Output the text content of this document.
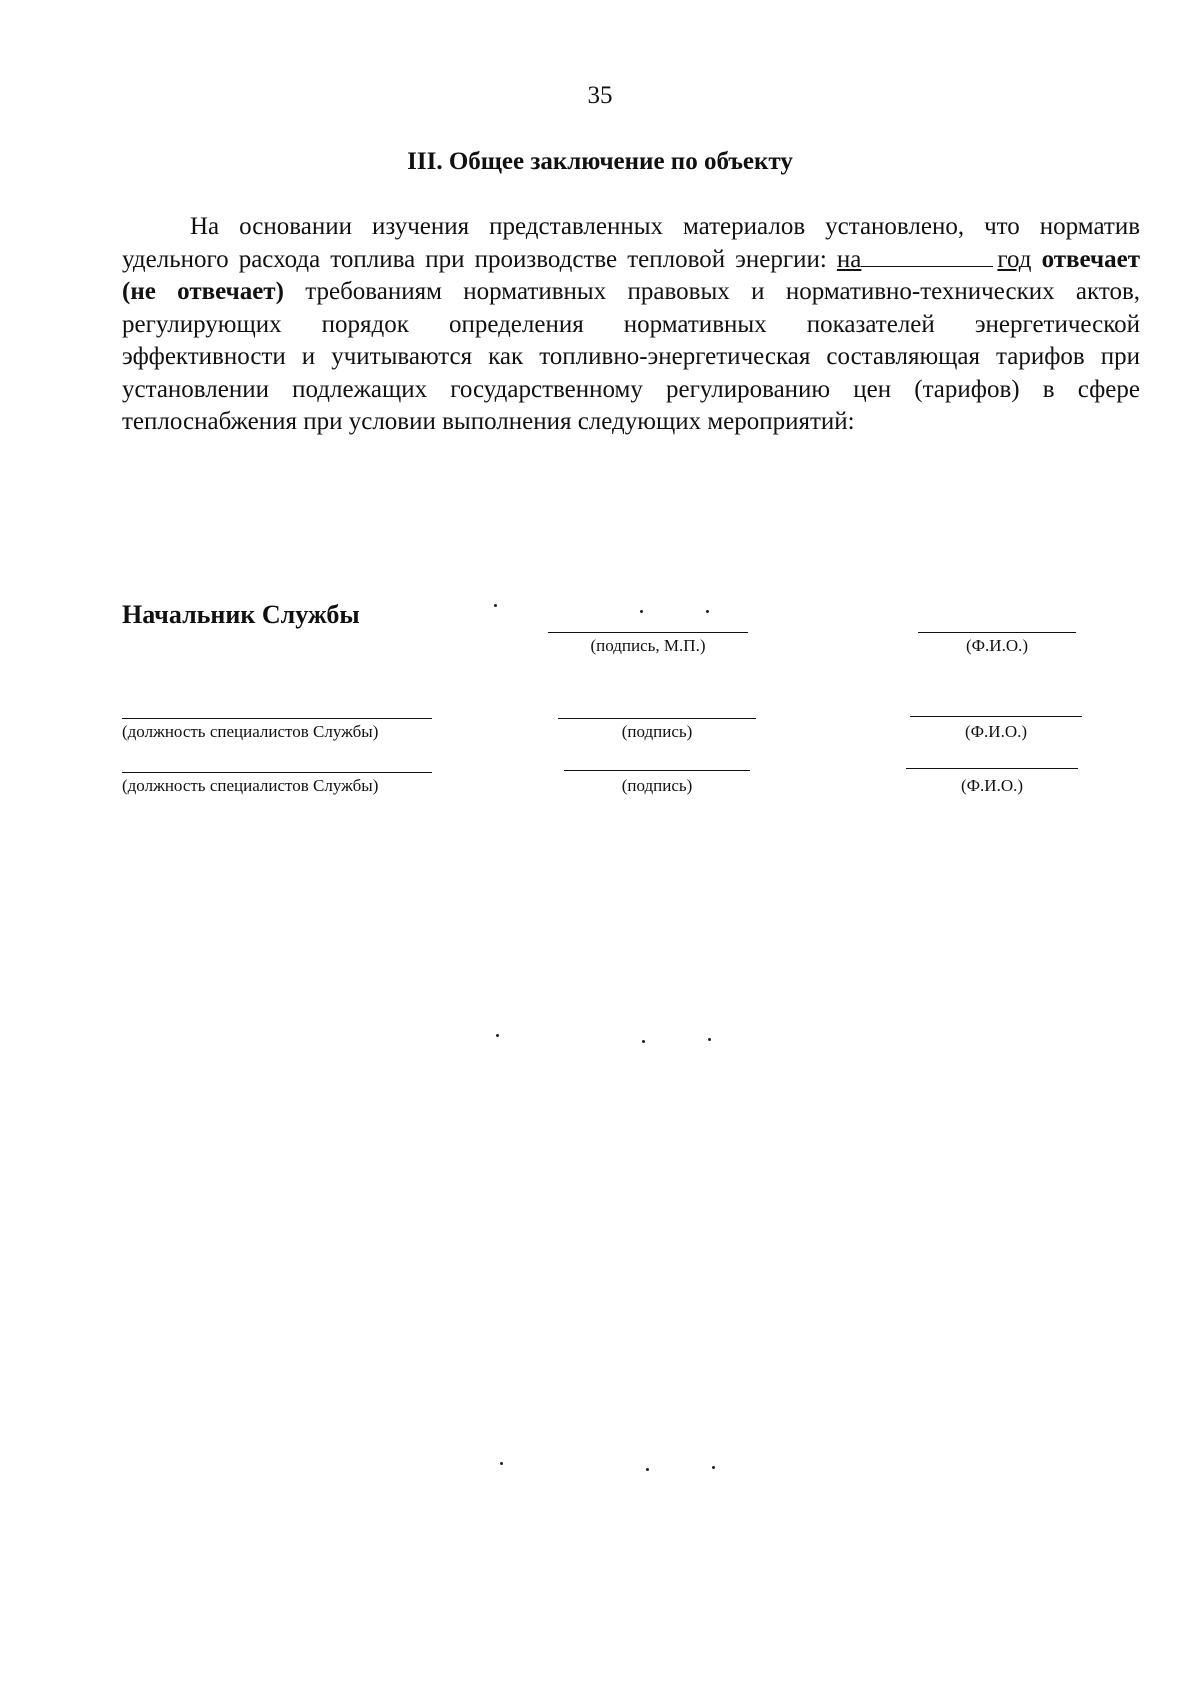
35
III. Общее заключение по объекту
На основании изучения представленных материалов установлено, что норматив удельного расхода топлива при производстве тепловой энергии: на	год отвечает (не отвечает) требованиям нормативных правовых и нормативно-технических актов, регулирующих порядок определения нормативных показателей энергетической эффективности и учитываются как топливно-энергетическая составляющая тарифов при установлении подлежащих государственному регулированию цен (тарифов) в сфере теплоснабжения при условии выполнения следующих мероприятий:
Начальник Службы
(подпись, М.П.)	(Ф.И.О.)
(должность специалистов Службы)	(подпись)	(Ф.И.О.)
(должность специалистов Службы)	(подпись)	(Ф.И.О.)
